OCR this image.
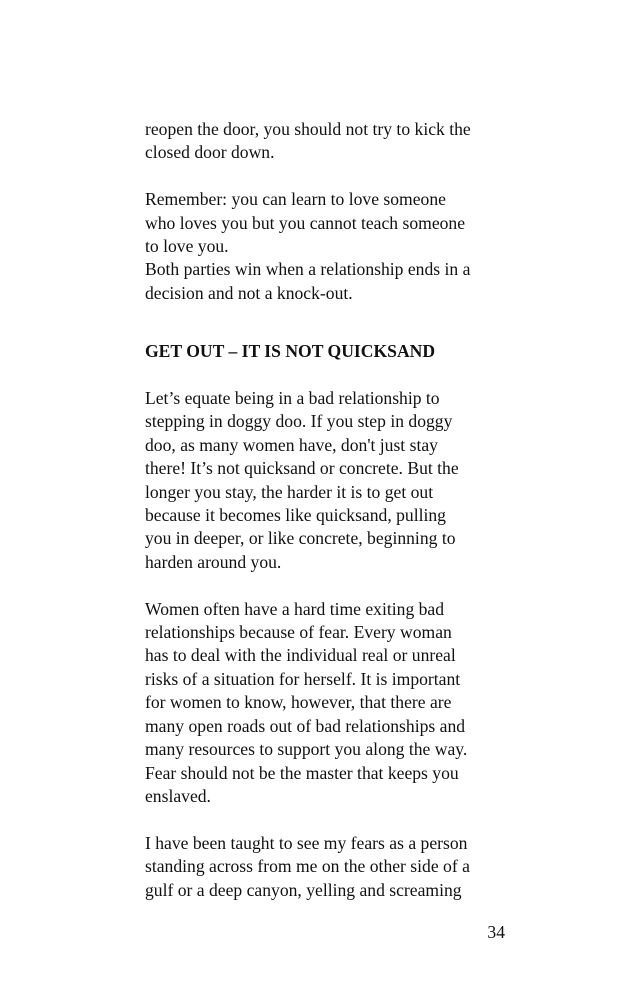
reopen the door, you should not try to kick the

closed door down.

Remember: you can learn to love someone

who loves you but you cannot teach someone

to love you.

Both parties win when a relationship ends in a

decision and not a knock-out.

GET OUT – IT IS NOT QUICKSAND

Let’s equate being in a bad relationship to

stepping in doggy doo. If you step in doggy

doo, as many women have, don't just stay

there! It’s not quicksand or concrete. But the

longer you stay, the harder it is to get out

because it becomes like quicksand, pulling

you in deeper, or like concrete, beginning to

harden around you.

Women often have a hard time exiting bad

relationships because of fear. Every woman

has to deal with the individual real or unreal

risks of a situation for herself. It is important

for women to know, however, that there are

many open roads out of bad relationships and

many resources to support you along the way.

Fear should not be the master that keeps you

enslaved.

I have been taught to see my fears as a person

standing across from me on the other side of a

gulf or a deep canyon, yelling and screaming

34
